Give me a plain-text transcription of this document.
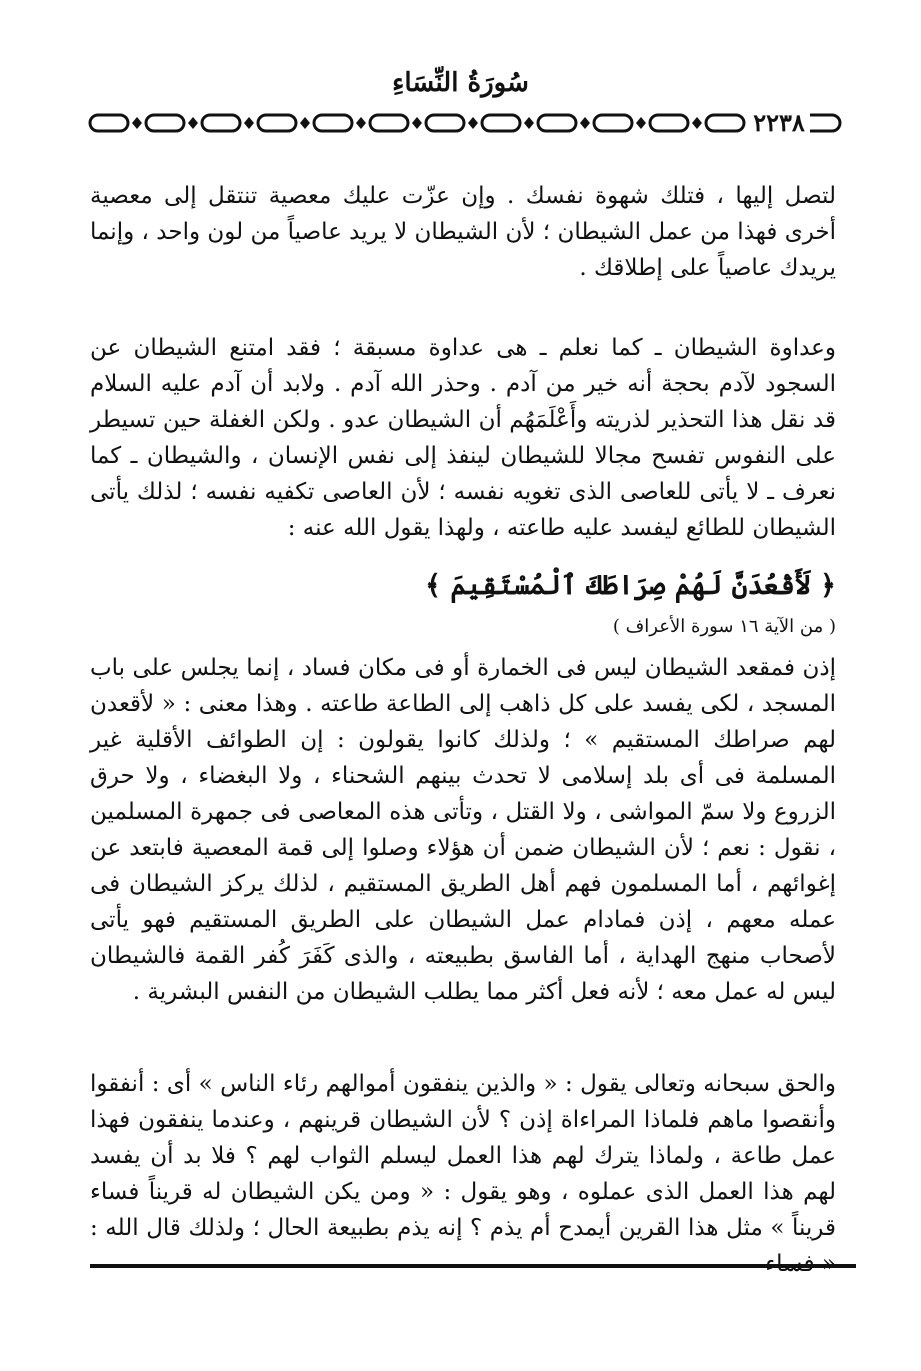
سُورَةُ النِّسَاءِ
٢٢٣٨
لتصل إليها ، فتلك شهوة نفسك . وإن عزّت عليك معصية تنتقل إلى معصية أخرى فهذا من عمل الشيطان ؛ لأن الشيطان لا يريد عاصياً من لون واحد ، وإنما يريدك عاصياً على إطلاقك .
وعداوة الشيطان ـ كما نعلم ـ هى عداوة مسبقة ؛ فقد امتنع الشيطان عن السجود لآدم بحجة أنه خير من آدم . وحذر الله آدم . ولابد أن آدم عليه السلام قد نقل هذا التحذير لذريته وأَعْلَمَهُم أن الشيطان عدو . ولكن الغفلة حين تسيطر على النفوس تفسح مجالا للشيطان لينفذ إلى نفس الإنسان ، والشيطان ـ كما نعرف ـ لا يأتى للعاصى الذى تغويه نفسه ؛ لأن العاصى تكفيه نفسه ؛ لذلك يأتى الشيطان للطائع ليفسد عليه طاعته ، ولهذا يقول الله عنه :
﴿ لَأَقْعُدَنَّ لَهُمْ صِرَاطَكَ ٱلْمُسْتَقِيمَ ﴾
( من الآية ١٦ سورة الأعراف )
إذن فمقعد الشيطان ليس فى الخمارة أو فى مكان فساد ، إنما يجلس على باب المسجد ، لكى يفسد على كل ذاهب إلى الطاعة طاعته . وهذا معنى : « لأقعدن لهم صراطك المستقيم » ؛ ولذلك كانوا يقولون : إن الطوائف الأقلية غير المسلمة فى أى بلد إسلامى لا تحدث بينهم الشحناء ، ولا البغضاء ، ولا حرق الزروع ولا سمّ المواشى ، ولا القتل ، وتأتى هذه المعاصى فى جمهرة المسلمين ، نقول : نعم ؛ لأن الشيطان ضمن أن هؤلاء وصلوا إلى قمة المعصية فابتعد عن إغوائهم ، أما المسلمون فهم أهل الطريق المستقيم ، لذلك يركز الشيطان فى عمله معهم ، إذن فمادام عمل الشيطان على الطريق المستقيم فهو يأتى لأصحاب منهج الهداية ، أما الفاسق بطبيعته ، والذى كَفَرَ كُفر القمة فالشيطان ليس له عمل معه ؛ لأنه فعل أكثر مما يطلب الشيطان من النفس البشرية .
والحق سبحانه وتعالى يقول : « والذين ينفقون أموالهم رئاء الناس » أى : أنفقوا وأنقصوا ماهم فلماذا المراءاة إذن ؟ لأن الشيطان قرينهم ، وعندما ينفقون فهذا عمل طاعة ، ولماذا يترك لهم هذا العمل ليسلم الثواب لهم ؟ فلا بد أن يفسد لهم هذا العمل الذى عملوه ، وهو يقول : « ومن يكن الشيطان له قريناً فساء قريناً » مثل هذا القرين أيمدح أم يذم ؟ إنه يذم بطبيعة الحال ؛ ولذلك قال الله :
